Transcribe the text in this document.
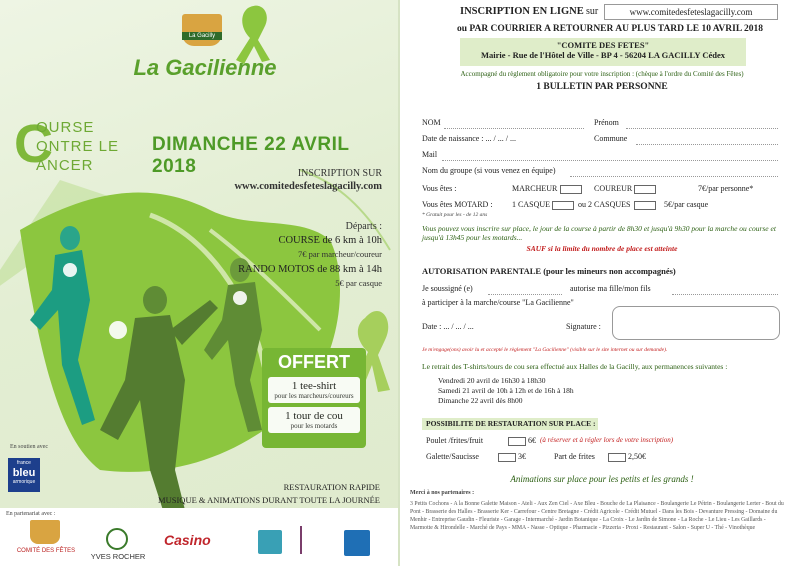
La Gacilly
La Gacilienne
C
OURSE
ONTRE LE
ANCER
DIMANCHE 22 AVRIL 2018	INSCRIPTION SUR
www.comitedesfeteslagacilly.com
Départs :
COURSE de 6 km à 10h
7€ par marcheur/coureur
RANDO MOTOS de 88 km à 14h
5€ par casque
OFFERT
1 tee-shirt
pour les marcheurs/coureurs
1 tour de cou
pour les motards
RESTAURATION RAPIDE
MUSIQUE & ANIMATIONS DURANT TOUTE LA JOURNÉE
En soutien avec
france
bleu
armorique
En partenariat avec :
COMITÉ DES FÊTES
YVES ROCHER
Casino
INSCRIPTION EN LIGNE sur	www.comitedesfeteslagacilly.com
ou PAR COURRIER A RETOURNER AU PLUS TARD LE 10 AVRIL 2018
"COMITE DES FETES"
Mairie - Rue de l'Hôtel de Ville - BP 4 - 56204 LA GACILLY Cédex
Accompagné du règlement obligatoire pour votre inscription : (chèque à l'ordre du Comité des Fêtes)
1 BULLETIN PAR PERSONNE
NOM	Prénom
Date de naissance : ... / ... / ...	Commune
Mail
Nom du groupe (si vous venez en équipe)
Vous êtes :	MARCHEUR	COUREUR	7€/par personne*
Vous êtes MOTARD : 1 CASQUE	ou 2 CASQUES	5€/par casque
* Gratuit pour les - de 12 ans
Vous pouvez vous inscrire sur place, le jour de la course à partir de 8h30 et jusqu'à 9h30 pour la marche ou course et jusqu'à 13h45 pour les motards...
SAUF si la limite du nombre de place est atteinte
AUTORISATION PARENTALE (pour les mineurs non accompagnés)
Je soussigné (e)	autorise ma fille/mon fils
à participer à la marche/course "La Gacilienne"
Date : ... / ... / ...	Signature :
Je m'engage(ons) avoir lu et accepté le règlement "La Gacilienne" (visible sur le site internet ou sur demande).
Le retrait des T-shirts/tours de cou sera effectué aux Halles de la Gacilly, aux permanences suivantes :
Vendredi 20 avril de 16h30 à 18h30
Samedi 21 avril de 10h à 12h et de 16h à 18h
Dimanche 22 avril dès 8h00
POSSIBILITE DE RESTAURATION SUR PLACE :
Poulet /frites/fruit	6€ (à réserver et à régler lors de votre inscription)
Galette/Saucisse	3€	Part de frites	2,50€
Animations sur place pour les petits et les grands !
Merci à nos partenaires :
3 Petits Cochons - A la Bonne Galette Maison - Ateli - Aux Zen Ciel - Axe Bleu - Bouche de La Plaisance - Boulangerie Le Pétrin - Boulangerie Lerter - Bout du Pont - Brasserie des Halles - Brasserie Ker - Carrefour - Centre Bretagne - Crédit Agricole - Crédit Mutuel - Dans les Bois - Devanture Pressing - Domaine du Menhir - Entreprise Gaudin - Fleuriste - Garage - Intermarché - Jardin Botanique - La Croix - Le Jardin de Simone - La Roche - Le Lieu - Les Gaillards - Marmotte & Hirondelle - Marché de Pays - MMA - Nasse - Optique - Pharmacie - Pizzeria - Proxi - Restaurant - Salon - Super U - Thé - Vinothèque
